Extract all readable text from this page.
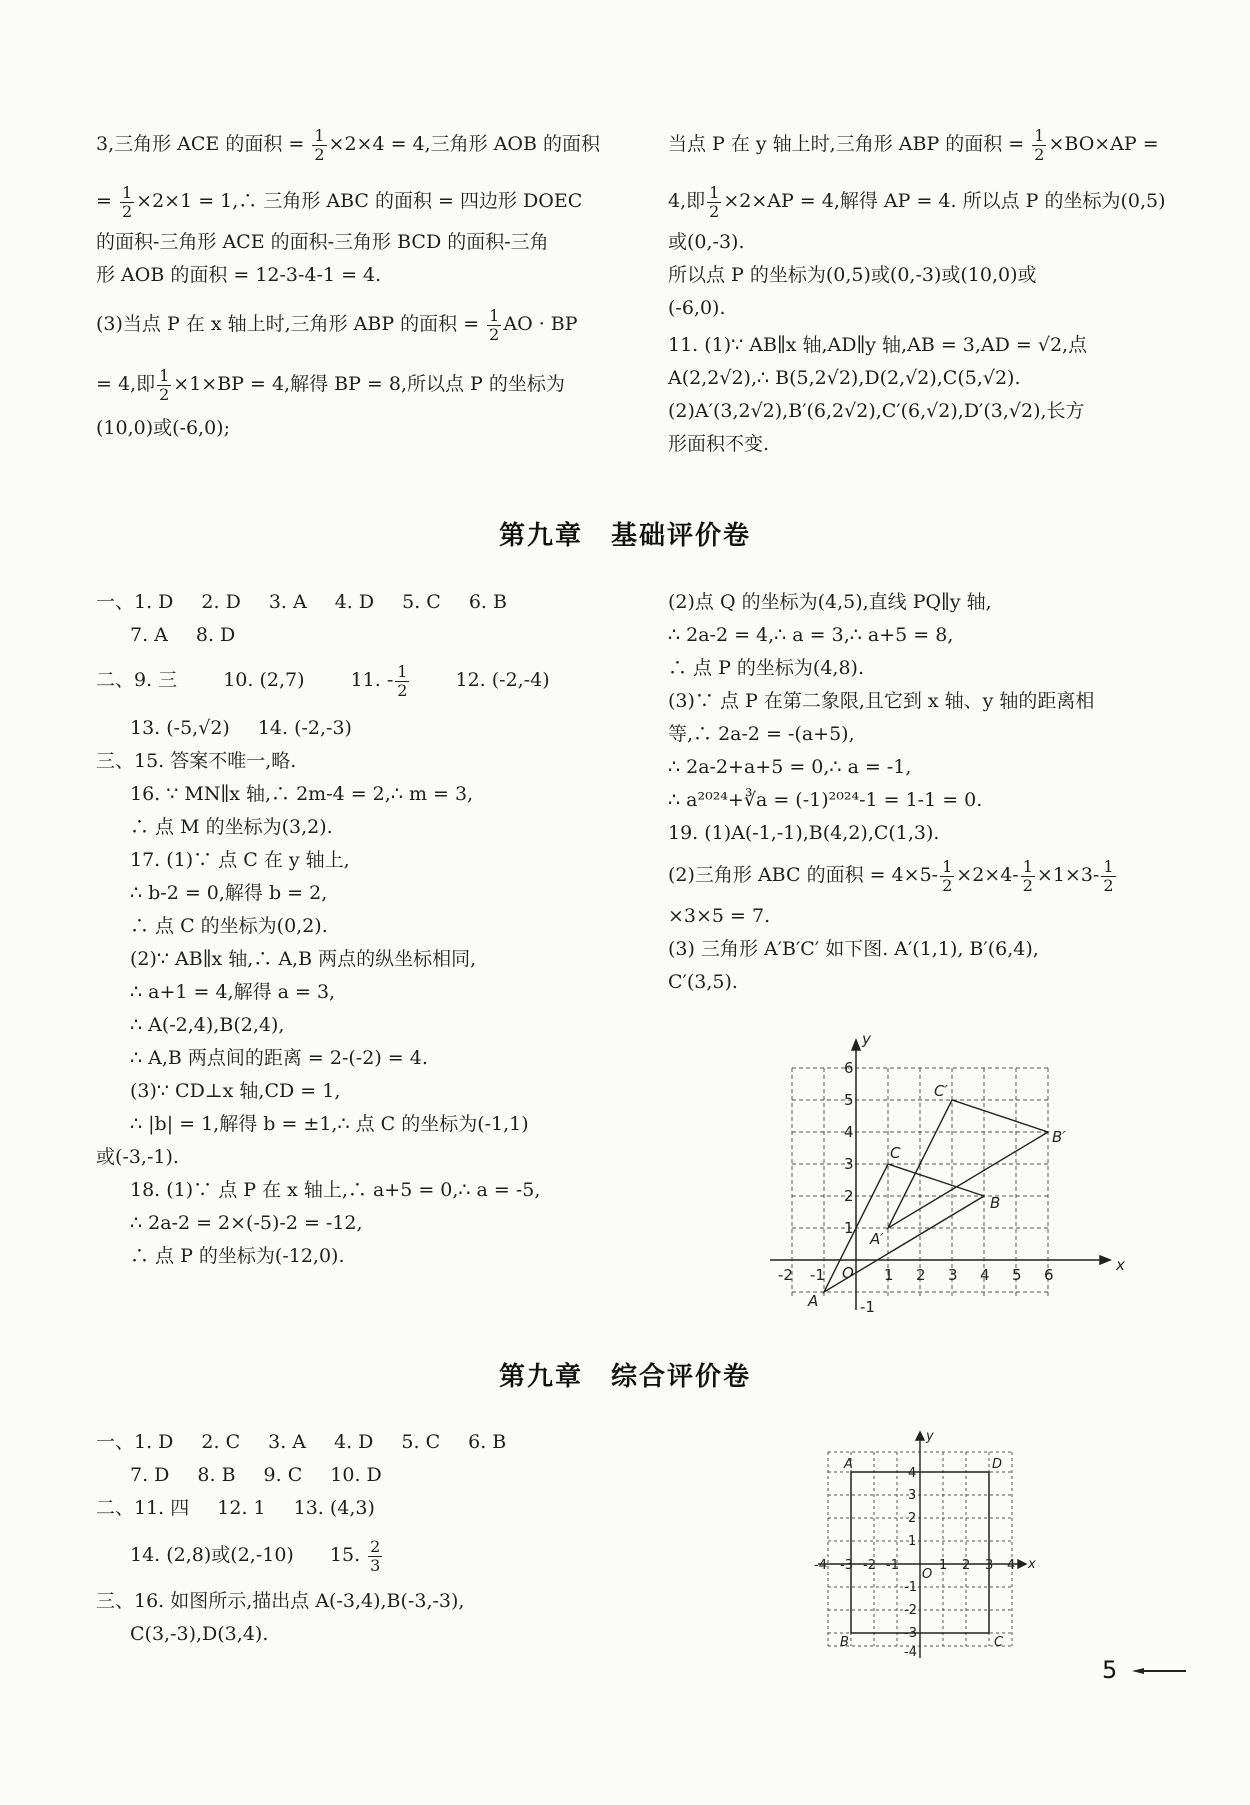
3,三角形 ACE 的面积 = $\frac{1}{2} \times 2\times 4 = 4$,三角形 AOB 的面积

= $\frac{1}{2} \times 2\times 1$ = 1,∴ 三角形 ABC 的面积 = 四边形 DOEC

的面积-三角形 ACE 的面积-三角形 BCD 的面积-三角

形 AOB 的面积 = 12-3-4-1 = 4.

(3)当点 P 在 x 轴上时,三角形 ABP 的面积 = $\frac{1}{2}$ AO · BP

= 4,即 $\frac{1}{2} \times 1\times BP = 4$,解得 BP = 8,所以点 P 的坐标为

(10,0)或(-6,0);

当点 P 在 y 轴上时,三角形 ABP 的面积 = $\frac{1}{2} \times BO\times AP$ =

4,即 $\frac{1}{2} \times 2\times AP = 4$,解得 AP = 4. 所以点 P 的坐标为(0,5)

或(0,-3).

所以点 P 的坐标为(0,5)或(0,-3)或(10,0)或

(-6,0).

11. (1)∵ AB∥x 轴,AD∥y 轴,AB = 3,AD = √2,点

A(2,2√2),∴ B(5,2√2),D(2,√2),C(5,√2).

(2)A′(3,2√2),B′(6,2√2),C′(6,√2),D′(3,√2),长方

形面积不变.

第九章 基础评价卷

一、1. D 2. D 3. A 4. D 5. C 6. B

7. A 8. D

二、9. 三 10. (2,7) 11. - $\frac{1}{2} 12$. (-2,-4)

13. (-5,√2) 14. (-2,-3)

三、15. 答案不唯一,略.

16. ∵ MN∥x 轴,∴ 2m-4 = 2,∴ m = 3,

∴ 点 M 的坐标为(3,2).

17. (1)∵ 点 C 在 y 轴上,

∴ b-2 = 0,解得 b = 2,

∴ 点 C 的坐标为(0,2).

(2)∵ AB∥x 轴,∴ A,B 两点的纵坐标相同,

∴ a+1 = 4,解得 a = 3,

∴ A(-2,4),B(2,4),

∴ A,B 两点间的距离 = 2-(-2) = 4.

(3)∵ CD⊥x 轴,CD = 1,

∴ |b| = 1,解得 b = ±1,∴ 点 C 的坐标为(-1,1)

或(-3,-1).

18. (1)∵ 点 P 在 x 轴上,∴ a+5 = 0,∴ a = -5,

∴ 2a-2 = 2×(-5)-2 = -12,

∴ 点 P 的坐标为(-12,0).

(2)点 Q 的坐标为(4,5),直线 PQ∥y 轴,

∴ 2a-2 = 4,∴ a = 3,∴ a+5 = 8,

∴ 点 P 的坐标为(4,8).

(3)∵ 点 P 在第二象限,且它到 x 轴、y 轴的距离相

等,∴ 2a-2 = -(a+5),

∴ 2a-2+a+5 = 0,∴ a = -1,

∴ a²⁰²⁴+∛a = (-1)²⁰²⁴-1 = 1-1 = 0.

19. (1)A(-1,-1),B(4,2),C(1,3).

(2)三角形 ABC 的面积 = $4\times 5- \frac{1}{2} \times 2\times 4- \frac{1}{2} \times 1\times 3- \frac{1}{2}$

×3×5 = 7.

(3) 三角形 A′B′C′ 如下图. A′(1,1), B′(6,4),

C′(3,5).

x
y
O
-2 -1	1 2 3 4 5 6
-1
1
2
3
4
5
6
A
B
C
A′
B′
C′
第九章 综合评价卷

一、1. D 2. C 3. A 4. D 5. C 6. B

7. D 8. B 9. C 10. D

二、11. 四 12. 1 13. (4,3)

14. (2,8)或(2,-10) 15. $\frac{2}{3}$

三、16. 如图所示,描出点 A(-3,4),B(-3,-3),

C(3,-3),D(3,4).

x
y
O
-4 -3 -2 -1	1 2 3 4
4
3
2
1
-1
-2
-3
-4
A
B	C
D
5
